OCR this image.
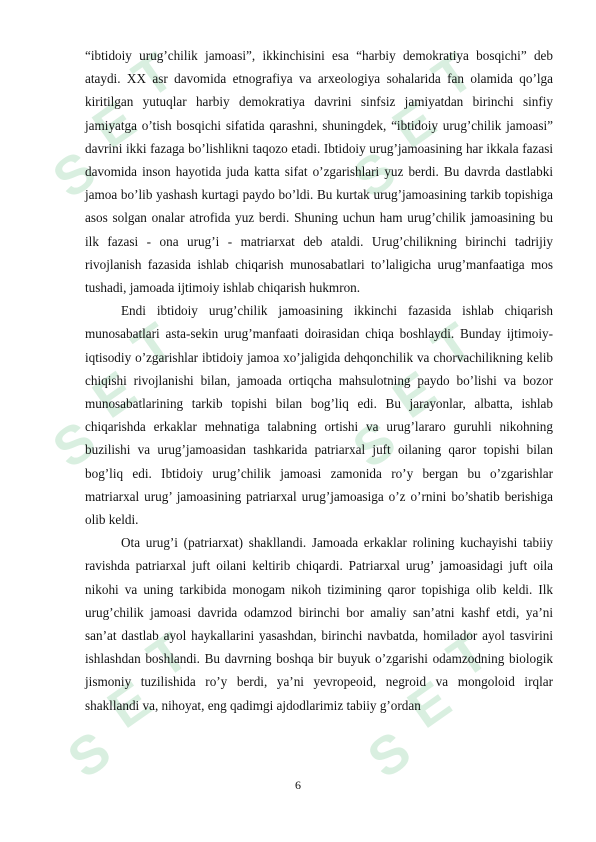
S
E
T
S
E
T
S
E
T
S
E
T
S
E
T
S
E
T

“ibtidoiy urug’chilik jamoasi”, ikkinchisini esa “harbiy demokratiya bosqichi” deb ataydi. XX asr davomida etnografiya va arxeologiya sohalarida fan olamida qo’lga kiritilgan yutuqlar harbiy demokratiya davrini sinfsiz jamiyatdan birinchi sinfiy jamiyatga o’tish bosqichi sifatida qarashni, shuningdek, “ibtidoiy urug’chilik jamoasi” davrini ikki fazaga bo’lishlikni taqozo etadi. Ibtidoiy urug’jamoasining har ikkala fazasi davomida inson hayotida juda katta sifat o’zgarishlari yuz berdi. Bu davrda dastlabki jamoa bo’lib yashash kurtagi paydo bo’ldi. Bu kurtak urug’jamoasining tarkib topishiga asos solgan onalar atrofida yuz berdi. Shuning uchun ham urug’chilik jamoasining bu ilk fazasi - ona urug’i - matriarxat deb ataldi. Urug’chilikning birinchi tadrijiy rivojlanish fazasida ishlab chiqarish munosabatlari to’laligicha urug’manfaatiga mos tushadi, jamoada ijtimoiy ishlab chiqarish hukmron.

Endi ibtidoiy urug’chilik jamoasining ikkinchi fazasida ishlab chiqarish munosabatlari asta-sekin urug’manfaati doirasidan chiqa boshlaydi. Bunday ijtimoiy- iqtisodiy o’zgarishlar ibtidoiy jamoa xo’jaligida dehqonchilik va chorvachilikning kelib chiqishi rivojlanishi bilan, jamoada ortiqcha mahsulotning paydo bo’lishi va bozor munosabatlarining tarkib topishi bilan bog’liq edi. Bu jarayonlar, albatta, ishlab chiqarishda erkaklar mehnatiga talabning ortishi va urug’lararo guruhli nikohning buzilishi va urug’jamoasidan tashkarida patriarxal juft oilaning qaror topishi bilan bog’liq edi. Ibtidoiy urug’chilik jamoasi zamonida ro’y bergan bu o’zgarishlar matriarxal urug’ jamoasining patriarxal urug’jamoasiga o’z o’rnini bo’shatib berishiga olib keldi.

Ota urug’i (patriarxat) shakllandi. Jamoada erkaklar rolining kuchayishi tabiiy ravishda patriarxal juft oilani keltirib chiqardi. Patriarxal urug’ jamoasidagi juft oila nikohi va uning tarkibida monogam nikoh tizimining qaror topishiga olib keldi. Ilk urug’chilik jamoasi davrida odamzod birinchi bor amaliy san’atni kashf etdi, ya’ni san’at dastlab ayol haykallarini yasashdan, birinchi navbatda, homilador ayol tasvirini ishlashdan boshlandi. Bu davrning boshqa bir buyuk o’zgarishi odamzodning biologik jismoniy tuzilishida ro’y berdi, ya’ni yevropeoid, negroid va mongoloid irqlar shakllandi va, nihoyat, eng qadimgi ajdodlarimiz tabiiy g’ordan

6
